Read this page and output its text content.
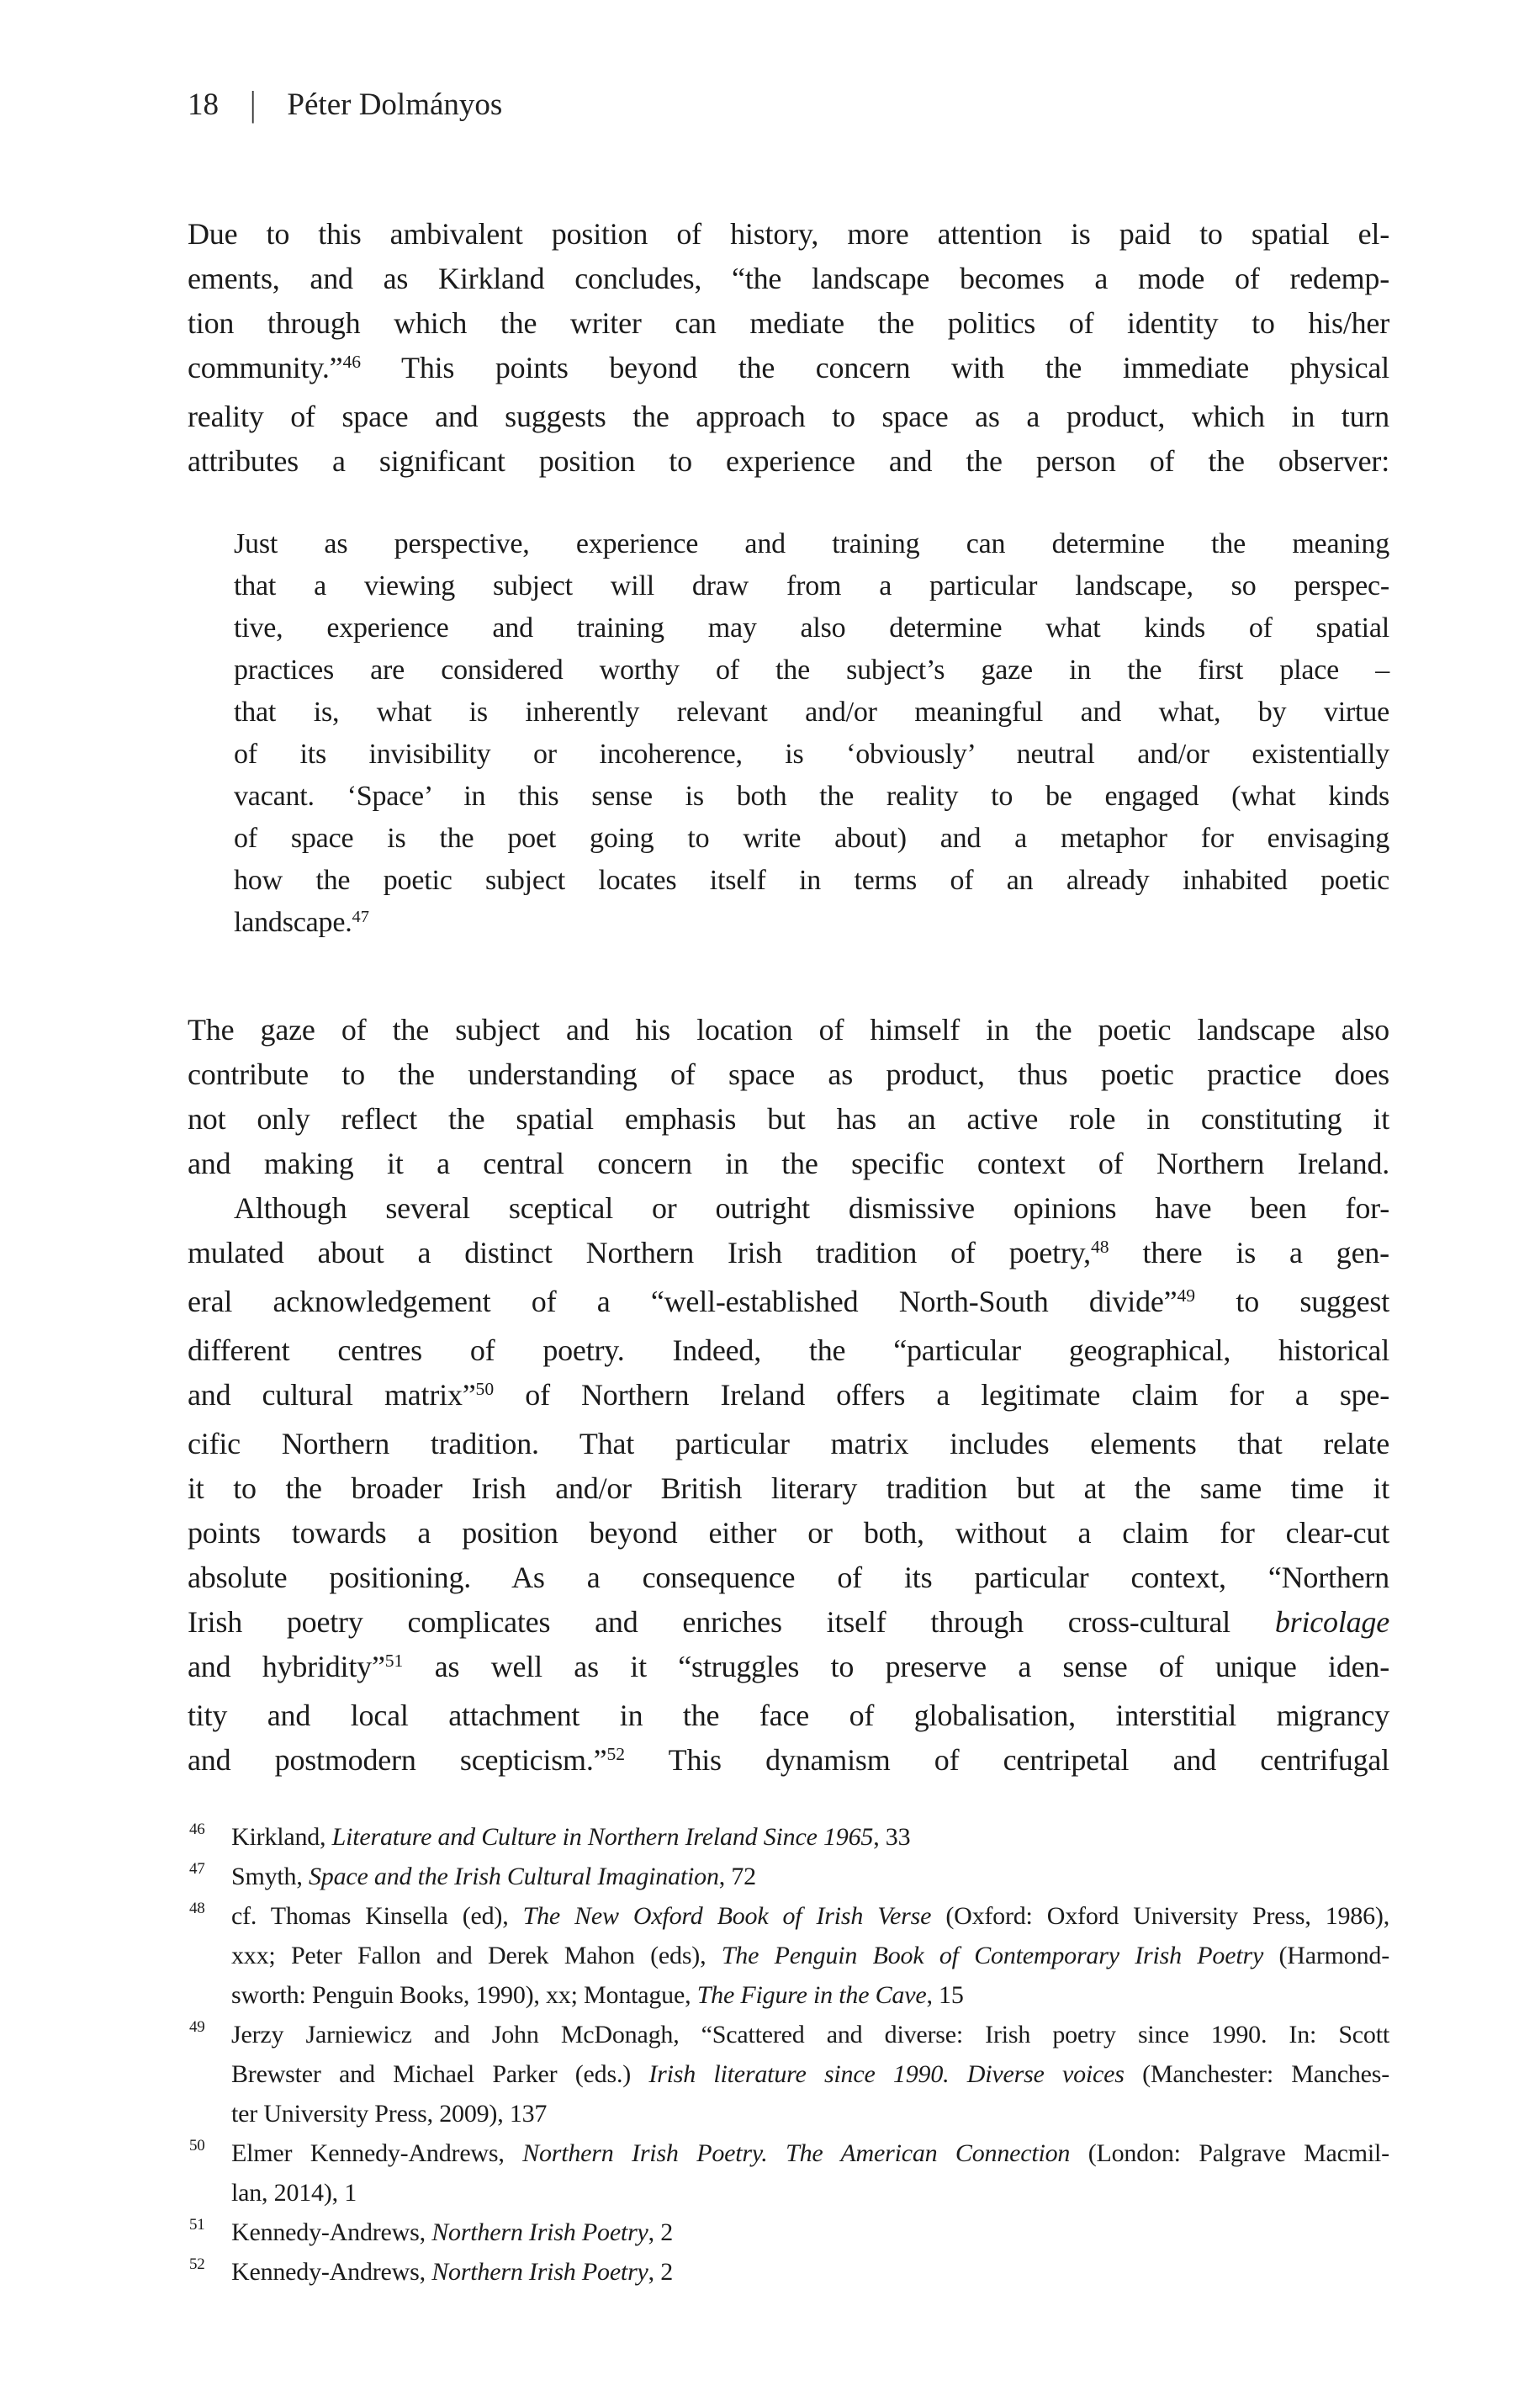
18 | Péter Dolmányos
Due to this ambivalent position of history, more attention is paid to spatial el-
ements, and as Kirkland concludes, “the landscape becomes a mode of redemp-
tion through which the writer can mediate the politics of identity to his/her
community.”$^{46}$ This points beyond the concern with the immediate physical
reality of space and suggests the approach to space as a product, which in turn
attributes a significant position to experience and the person of the observer:
Just as perspective, experience and training can determine the meaning
that a viewing subject will draw from a particular landscape, so perspec-
tive, experience and training may also determine what kinds of spatial
practices are considered worthy of the subject’s gaze in the first place –
that is, what is inherently relevant and/or meaningful and what, by virtue
of its invisibility or incoherence, is ‘obviously’ neutral and/or existentially
vacant. ‘Space’ in this sense is both the reality to be engaged (what kinds
of space is the poet going to write about) and a metaphor for envisaging
how the poetic subject locates itself in terms of an already inhabited poetic
landscape.$^{47}$
The gaze of the subject and his location of himself in the poetic landscape also
contribute to the understanding of space as product, thus poetic practice does
not only reflect the spatial emphasis but has an active role in constituting it
and making it a central concern in the specific context of Northern Ireland.
Although several sceptical or outright dismissive opinions have been for-
mulated about a distinct Northern Irish tradition of poetry,$^{48}$ there is a gen-
eral acknowledgement of a “well-established North-South divide”$^{49}$ to suggest
different centres of poetry. Indeed, the “particular geographical, historical
and cultural matrix”$^{50}$ of Northern Ireland offers a legitimate claim for a spe-
cific Northern tradition. That particular matrix includes elements that relate
it to the broader Irish and/or British literary tradition but at the same time it
points towards a position beyond either or both, without a claim for clear-cut
absolute positioning. As a consequence of its particular context, “Northern
Irish poetry complicates and enriches itself through cross-cultural bricolage
and hybridity”$^{51}$ as well as it “struggles to preserve a sense of unique iden-
tity and local attachment in the face of globalisation, interstitial migrancy
and postmodern scepticism.”$^{52}$ This dynamism of centripetal and centrifugal
46 Kirkland, Literature and Culture in Northern Ireland Since 1965, 33
47 Smyth, Space and the Irish Cultural Imagination, 72
48 cf. Thomas Kinsella (ed), The New Oxford Book of Irish Verse (Oxford: Oxford University Press, 1986),
xxx; Peter Fallon and Derek Mahon (eds), The Penguin Book of Contemporary Irish Poetry (Harmond-
sworth: Penguin Books, 1990), xx; Montague, The Figure in the Cave, 15
49 Jerzy Jarniewicz and John McDonagh, “Scattered and diverse: Irish poetry since 1990. In: Scott
Brewster and Michael Parker (eds.) Irish literature since 1990. Diverse voices (Manchester: Manches-
ter University Press, 2009), 137
50 Elmer Kennedy-Andrews, Northern Irish Poetry. The American Connection (London: Palgrave Macmil-
lan, 2014), 1
51 Kennedy-Andrews, Northern Irish Poetry, 2
52 Kennedy-Andrews, Northern Irish Poetry, 2
